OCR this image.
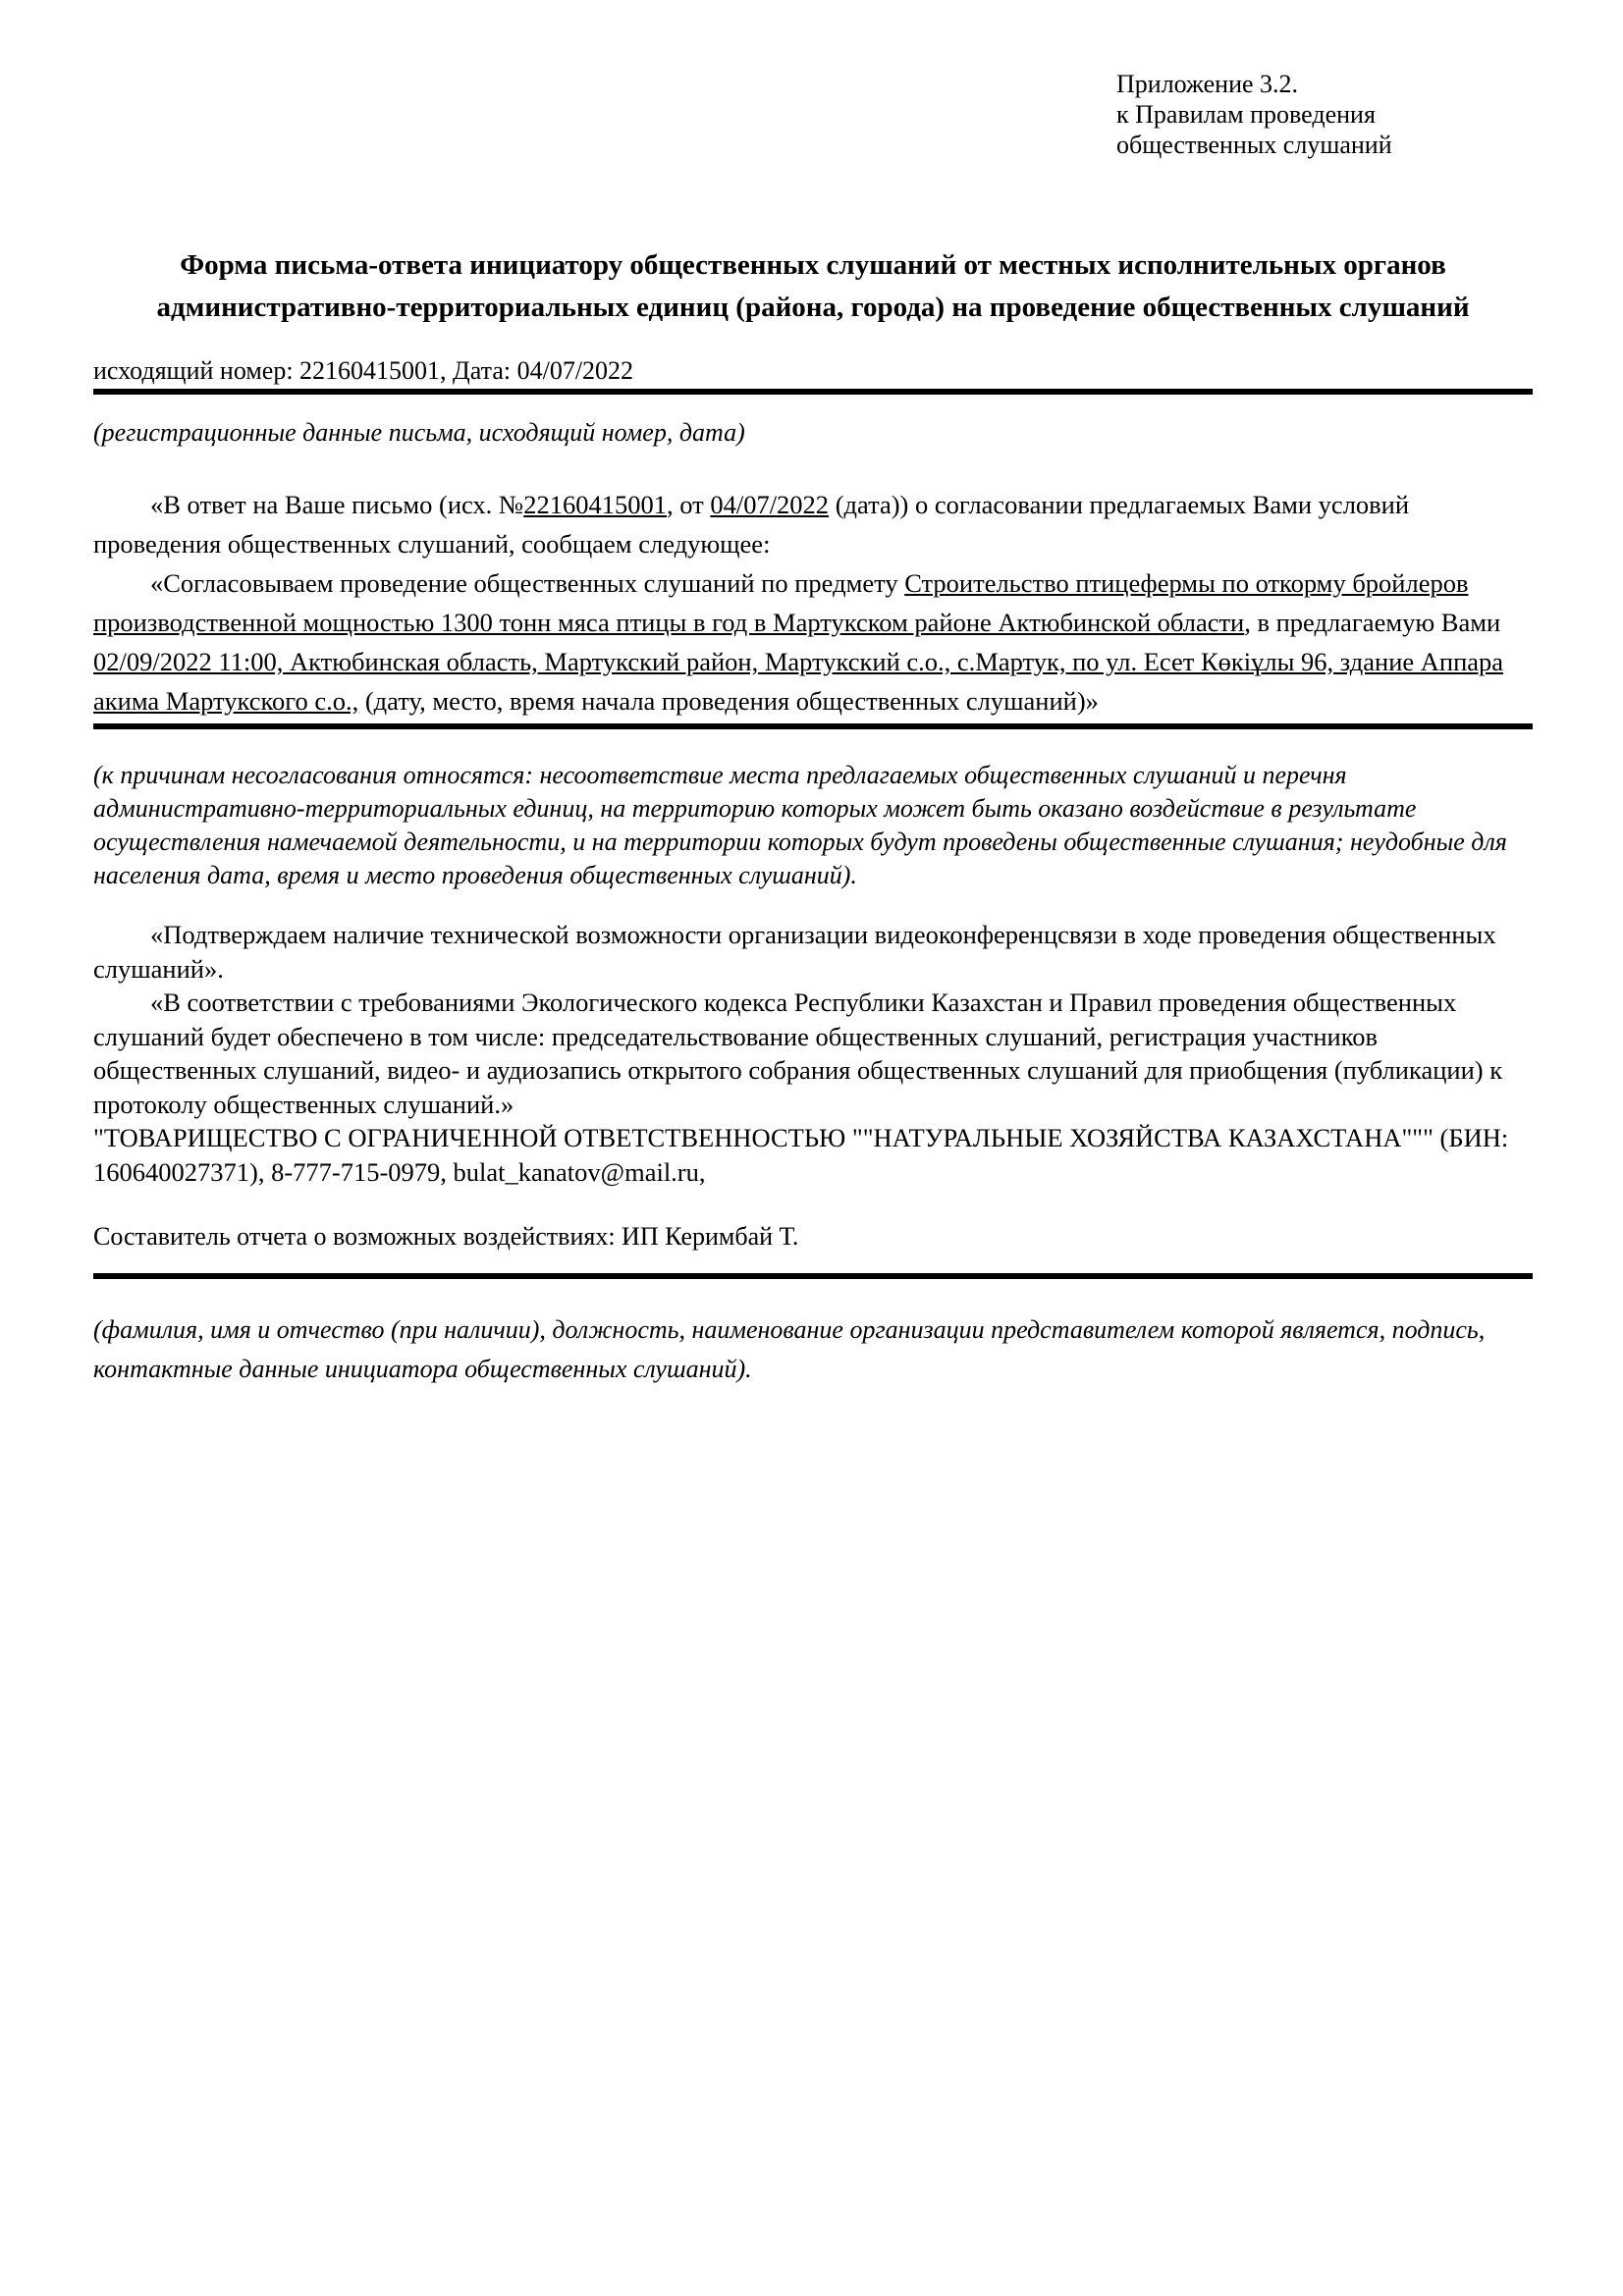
Приложение 3.2.
к Правилам проведения
общественных слушаний
Форма письма-ответа инициатору общественных слушаний от местных исполнительных органов административно-территориальных единиц (района, города) на проведение общественных слушаний
исходящий номер: 22160415001, Дата: 04/07/2022
(регистрационные данные письма, исходящий номер, дата)

«В ответ на Ваше письмо (исх. №22160415001, от 04/07/2022 (дата)) о согласовании предлагаемых Вами условий проведения общественных слушаний, сообщаем следующее:

«Согласовываем проведение общественных слушаний по предмету Строительство птицефермы по откорму бройлеров производственной мощностью 1300 тонн мяса птицы в год в Мартукском районе Актюбинской области, в предлагаемую Вами 02/09/2022 11:00, Актюбинская область, Мартукский район, Мартукский с.о., с.Мартук, по ул. Есет Көкіұлы 96, здание Аппара акима Мартукского с.о., (дату, место, время начала проведения общественных слушаний)»

(к причинам несогласования относятся: несоответствие места предлагаемых общественных слушаний и перечня административно-территориальных единиц, на территорию которых может быть оказано воздействие в результате осуществления намечаемой деятельности, и на территории которых будут проведены общественные слушания; неудобные для населения дата, время и место проведения общественных слушаний).

«Подтверждаем наличие технической возможности организации видеоконференцсвязи в ходе проведения общественных слушаний».

«В соответствии с требованиями Экологического кодекса Республики Казахстан и Правил проведения общественных слушаний будет обеспечено в том числе: председательствование общественных слушаний, регистрация участников общественных слушаний, видео- и аудиозапись открытого собрания общественных слушаний для приобщения (публикации) к протоколу общественных слушаний.»

"ТОВАРИЩЕСТВО С ОГРАНИЧЕННОЙ ОТВЕТСТВЕННОСТЬЮ ""НАТУРАЛЬНЫЕ ХОЗЯЙСТВА КАЗАХСТАНА""" (БИН: 160640027371), 8-777-715-0979, bulat_kanatov@mail.ru,

Составитель отчета о возможных воздействиях: ИП Керимбай Т.
(фамилия, имя и отчество (при наличии), должность, наименование организации представителем которой является, подпись, контактные данные инициатора общественных слушаний).
